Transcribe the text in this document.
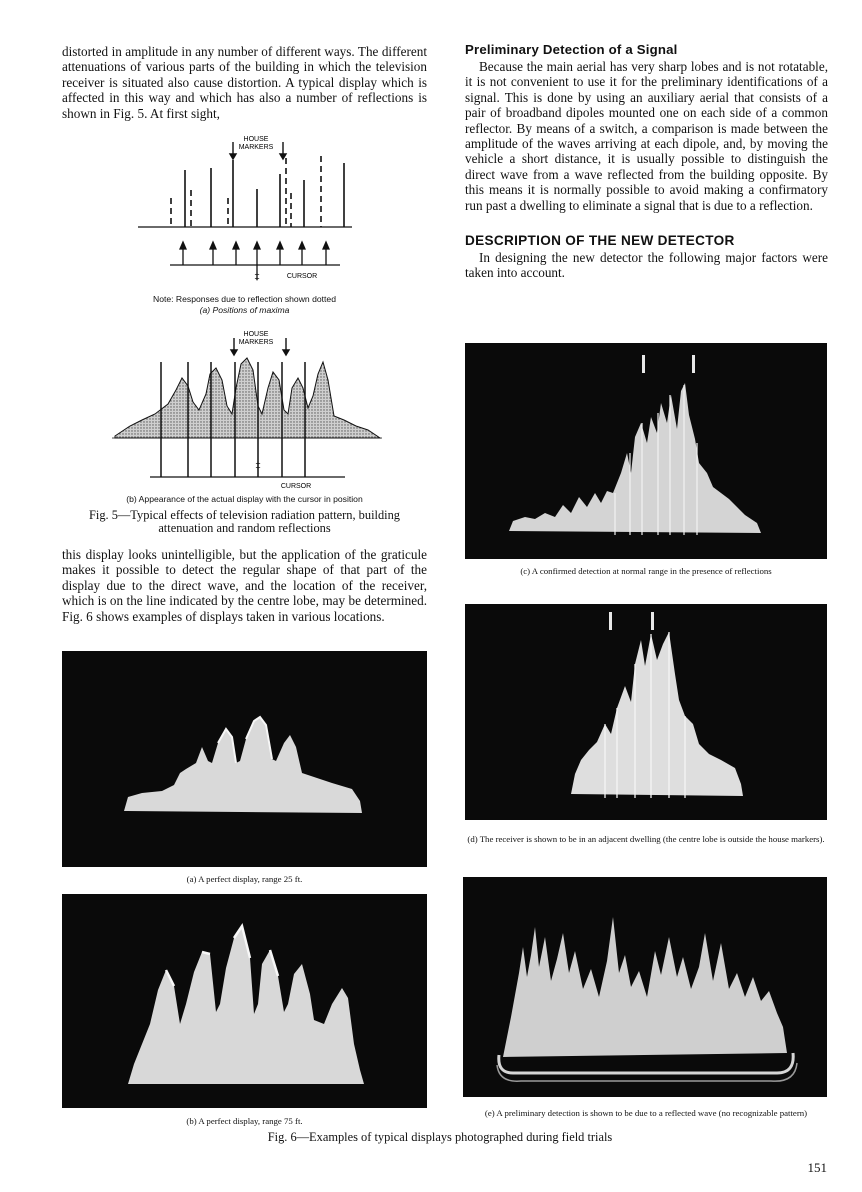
distorted in amplitude in any number of different ways. The different attenuations of various parts of the building in which the television receiver is situated also cause distortion. A typical display which is affected in this way and which has also a number of reflections is shown in Fig. 5. At first sight,

HOUSE
MARKERS
‡	CURSOR
Note: Responses due to reflection shown dotted
(a) Positions of maxima
HOUSE
MARKERS
‡
CURSOR
(b) Appearance of the actual display with the cursor in position
Fig. 5—Typical effects of television radiation pattern, building
attenuation and random reflections

this display looks unintelligible, but the application of the graticule makes it possible to detect the regular shape of that part of the display due to the direct wave, and the location of the receiver, which is on the line indicated by the centre lobe, may be determined. Fig. 6 shows examples of displays taken in various locations.

(a) A perfect display, range 25 ft.
(b) A perfect display, range 75 ft.
Preliminary Detection of a Signal

Because the main aerial has very sharp lobes and is not rotatable, it is not convenient to use it for the preliminary identifications of a signal. This is done by using an auxiliary aerial that consists of a pair of broadband dipoles mounted one on each side of a common reflector. By means of a switch, a comparison is made between the amplitude of the waves arriving at each dipole, and, by moving the vehicle a short distance, it is usually possible to distinguish the direct wave from a wave reflected from the building opposite. By this means it is normally possible to avoid making a confirmatory run past a dwelling to eliminate a signal that is due to a reflection.

DESCRIPTION OF THE NEW DETECTOR

In designing the new detector the following major factors were taken into account.

(c) A confirmed detection at normal range in the presence of reflections
(d) The receiver is shown to be in an adjacent dwelling (the centre lobe is outside the house markers).
(e) A preliminary detection is shown to be due to a reflected wave (no recognizable pattern)
Fig. 6—Examples of typical displays photographed during field trials
151
